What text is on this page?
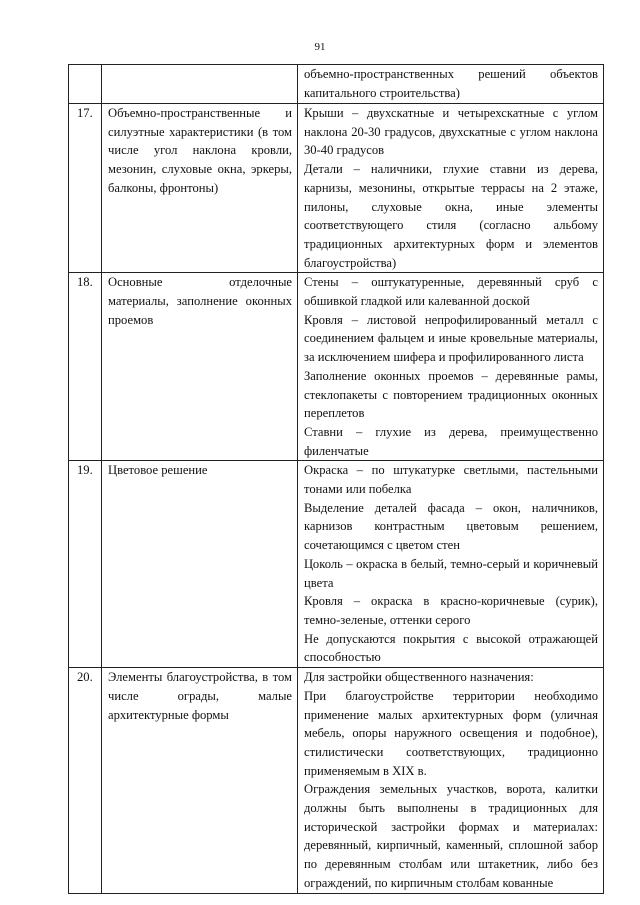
91

		объемно-пространственных решений объектов капитального строительства)

17.	Объемно-пространственные и силуэтные характеристики (в том числе угол наклона кровли, мезонин, слуховые окна, эркеры, балконы, фронтоны)	Крыши – двухскатные и четырехскатные с углом наклона 20-30 градусов, двухскатные с углом наклона 30-40 градусов

Детали – наличники, глухие ставни из дерева, карнизы, мезонины, открытые террасы на 2 этаже, пилоны, слуховые окна, иные элементы соответствующего стиля (согласно альбому традиционных архитектурных форм и элементов благоустройства)

18.	Основные отделочные материалы, заполнение оконных проемов	Стены – оштукатуренные, деревянный сруб с обшивкой гладкой или калеванной доской

Кровля – листовой непрофилированный металл с соединением фальцем и иные кровельные материалы, за исключением шифера и профилированного листа

Заполнение оконных проемов – деревянные рамы, стеклопакеты с повторением традиционных оконных переплетов

Ставни – глухие из дерева, преимущественно филенчатые

19.	Цветовое решение	Окраска – по штукатурке светлыми, пастельными тонами или побелка

Выделение деталей фасада – окон, наличников, карнизов контрастным цветовым решением, сочетающимся с цветом стен

Цоколь – окраска в белый, темно-серый и коричневый цвета

Кровля – окраска в красно-коричневые (сурик), темно-зеленые, оттенки серого

Не допускаются покрытия с высокой отражающей способностью

20.	Элементы благоустройства, в том числе ограды, малые архитектурные формы	Для застройки общественного назначения:

При благоустройстве территории необходимо применение малых архитектурных форм (уличная мебель, опоры наружного освещения и подобное), стилистически соответствующих, традиционно применяемым в XIX в.

Ограждения земельных участков, ворота, калитки должны быть выполнены в традиционных для исторической застройки формах и материалах: деревянный, кирпичный, каменный, сплошной забор по деревянным столбам или штакетник, либо без ограждений, по кирпичным столбам кованные
